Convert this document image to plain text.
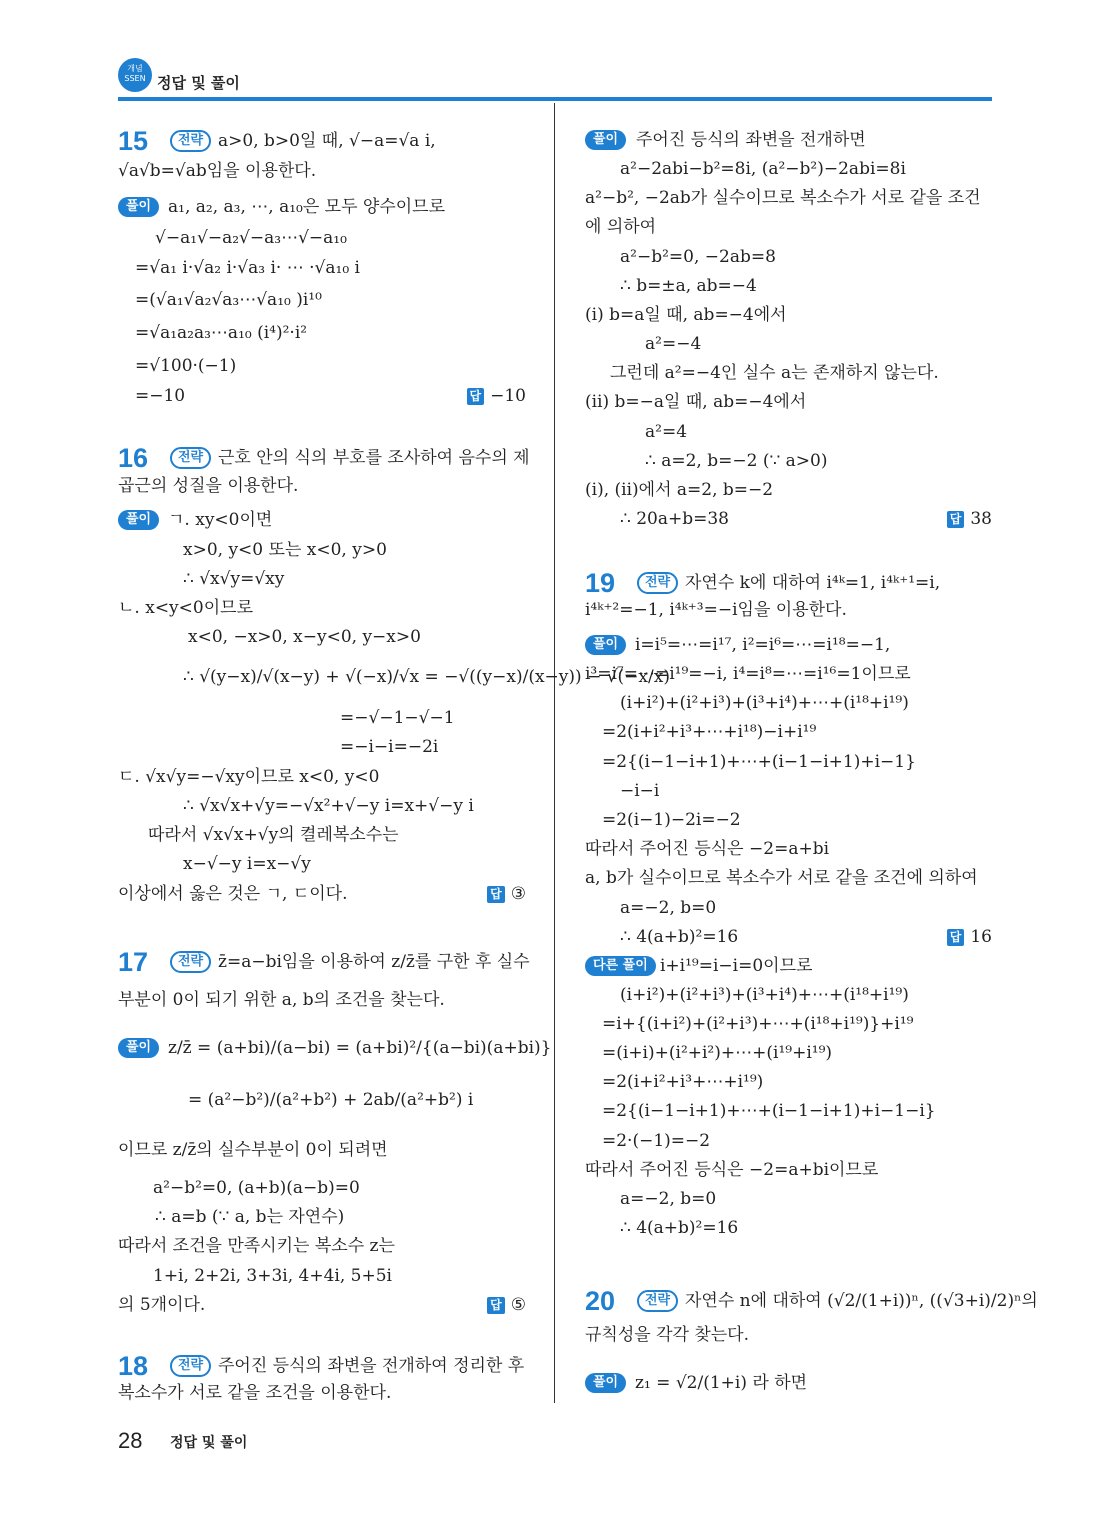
개념 SSEN 정답 및 풀이
28 정답 및 풀이
a>0, b>0일 때, √−a=√a i,
√a√b=√ab임을 이용한다.
a₁, a₂, a₃, ⋯, a₁₀은 모두 양수이므로
√−a₁√−a₂√−a₃⋯√−a₁₀
=√a₁ i·√a₂ i·√a₃ i· ⋯ ·√a₁₀ i
=(√a₁√a₂√a₃⋯√a₁₀ )i¹⁰
=√a₁a₂a₃⋯a₁₀ (i⁴)²·i²
=√100·(−1)
=−10
근호 안의 식의 부호를 조사하여 음수의 제
곱근의 성질을 이용한다.
ㄱ. xy<0이면
x>0, y<0 또는 x<0, y>0
∴ √x√y=√xy
ㄴ. x<y<0이므로
x<0, −x>0, x−y<0, y−x>0
∴ √(y−x)/√(x−y) + √(−x)/√x = −√((y−x)/(x−y)) − √(−x/x)
=−√−1−√−1
=−i−i=−2i
ㄷ. √x√y=−√xy이므로 x<0, y<0
∴ √x√x+√y=−√x²+√−y i=x+√−y i
따라서 √x√x+√y의 켤레복소수는
x−√−y i=x−√y
이상에서 옳은 것은 ㄱ, ㄷ이다.
z̄=a−bi임을 이용하여 z/z̄를 구한 후 실수
부분이 0이 되기 위한 a, b의 조건을 찾는다.
z/z̄ = (a+bi)/(a−bi) = (a+bi)²/{(a−bi)(a+bi)}
= (a²−b²)/(a²+b²) + 2ab/(a²+b²) i
이므로 z/z̄의 실수부분이 0이 되려면
a²−b²=0, (a+b)(a−b)=0
∴ a=b (∵ a, b는 자연수)
따라서 조건을 만족시키는 복소수 z는
1+i, 2+2i, 3+3i, 4+4i, 5+5i
의 5개이다.
주어진 등식의 좌변을 전개하여 정리한 후
복소수가 서로 같을 조건을 이용한다.
주어진 등식의 좌변을 전개하면
a²−2abi−b²=8i, (a²−b²)−2abi=8i
a²−b², −2ab가 실수이므로 복소수가 서로 같을 조건
에 의하여
a²−b²=0, −2ab=8
∴ b=±a, ab=−4
(ⅰ) b=a일 때, ab=−4에서
a²=−4
그런데 a²=−4인 실수 a는 존재하지 않는다.
(ⅱ) b=−a일 때, ab=−4에서
a²=4
∴ a=2, b=−2 (∵ a>0)
(ⅰ), (ⅱ)에서 a=2, b=−2
∴ 20a+b=38
자연수 k에 대하여 i⁴ᵏ=1, i⁴ᵏ⁺¹=i,
i⁴ᵏ⁺²=−1, i⁴ᵏ⁺³=−i임을 이용한다.
i=i⁵=⋯=i¹⁷, i²=i⁶=⋯=i¹⁸=−1,
i³=i⁷=⋯=i¹⁹=−i, i⁴=i⁸=⋯=i¹⁶=1이므로
(i+i²)+(i²+i³)+(i³+i⁴)+⋯+(i¹⁸+i¹⁹)
=2(i+i²+i³+⋯+i¹⁸)−i+i¹⁹
=2{(i−1−i+1)+⋯+(i−1−i+1)+i−1}
−i−i
=2(i−1)−2i=−2
따라서 주어진 등식은 −2=a+bi
a, b가 실수이므로 복소수가 서로 같을 조건에 의하여
a=−2, b=0
∴ 4(a+b)²=16
i+i¹⁹=i−i=0이므로
(i+i²)+(i²+i³)+(i³+i⁴)+⋯+(i¹⁸+i¹⁹)
=i+{(i+i²)+(i²+i³)+⋯+(i¹⁸+i¹⁹)}+i¹⁹
=(i+i)+(i²+i²)+⋯+(i¹⁹+i¹⁹)
=2(i+i²+i³+⋯+i¹⁹)
=2{(i−1−i+1)+⋯+(i−1−i+1)+i−1−i}
=2·(−1)=−2
따라서 주어진 등식은 −2=a+bi이므로
a=−2, b=0
∴ 4(a+b)²=16
자연수 n에 대하여 (√2/(1+i))ⁿ, ((√3+i)/2)ⁿ의
규칙성을 각각 찾는다.
z₁ = √2/(1+i) 라 하면
15	전략
16	전략
17	전략
18	전략
19	전략
20	전략
풀이
풀이
풀이
풀이
풀이
풀이
다른 풀이
답 −10
답 ③
답 ⑤
답 38
답 16
